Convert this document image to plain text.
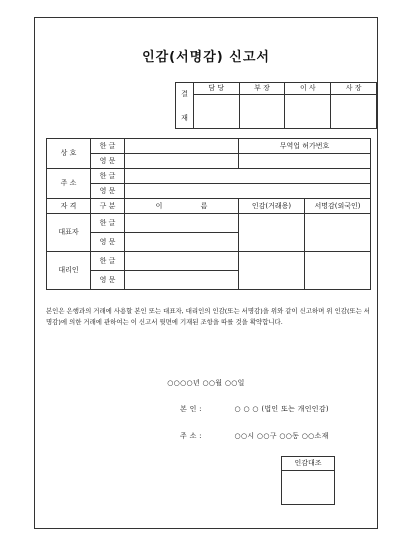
인감(서명감) 신고서
결

재	담 당	부 장	이 사	사 장

상 호	한 글		무역업 허가번호	
	영 문			
주 소	한 글			
	영 문			
자 격	구 분	이 름	인감(거래용)	서명감(외국인)
대표자	한 글			
	영 문			
대리인	한 글			
	영 문			
본인은 은행과의 거래에 사용할 본인 또는 대표자, 대리인의 인감(또는 서명감)을 위와 같이 신고하며 위 인감(또는 서명감)에 의한 거래에 관하여는 이 신고서 뒷면에 기재된 조항을 따를 것을 확약합니다.
○○○○년 ○○월 ○○일
본 인 :	○ ○ ○ (법인 또는 개인인감)
주 소 :	○○시 ○○구 ○○동 ○○소재
인감대조
